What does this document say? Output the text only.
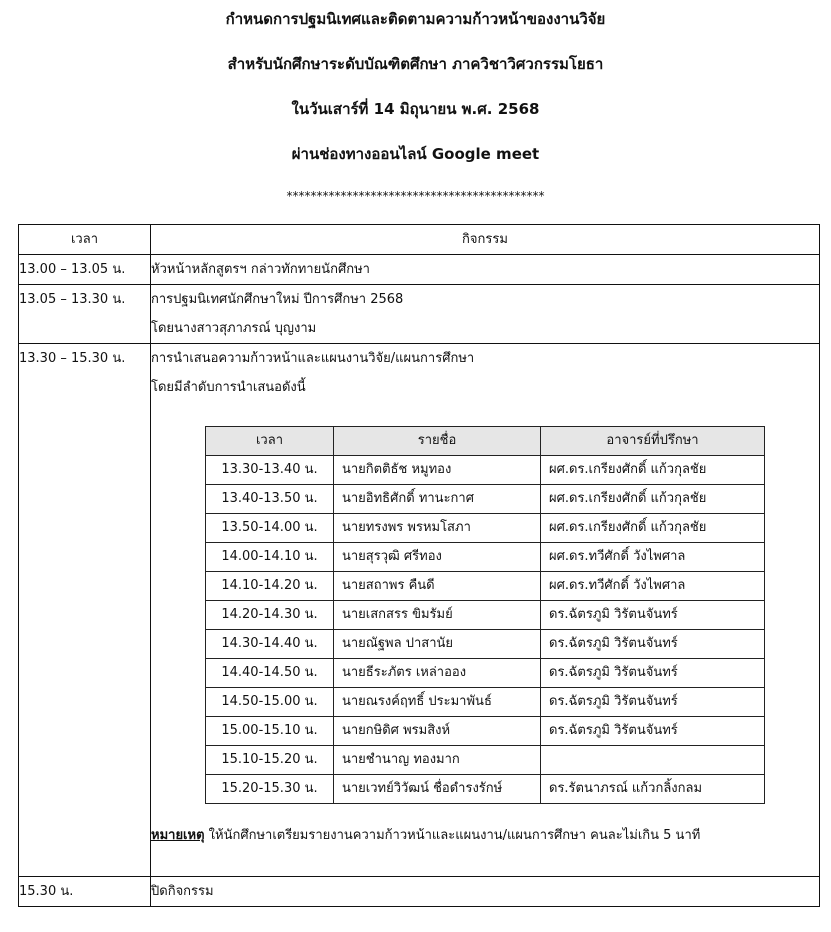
กำหนดการปฐมนิเทศและติดตามความก้าวหน้าของงานวิจัย
สำหรับนักศึกษาระดับบัณฑิตศึกษา ภาควิชาวิศวกรรมโยธา
ในวันเสาร์ที่ 14 มิถุนายน พ.ศ. 2568
ผ่านช่องทางออนไลน์ Google meet
*******************************************
เวลา	กิจกรรม
13.00 – 13.05 น.	หัวหน้าหลักสูตรฯ กล่าวทักทายนักศึกษา

13.05 – 13.30 น.	การปฐมนิเทศนักศึกษาใหม่ ปีการศึกษา 2568
โดยนางสาวสุภาภรณ์ บุญงาม

13.30 – 15.30 น.	การนำเสนอความก้าวหน้าและแผนงานวิจัย/แผนการศึกษา
โดยมีลำดับการนำเสนอดังนี้
เวลา	รายชื่อ	อาจารย์ที่ปรึกษา
13.30-13.40 น.	นายกิตติธัช หมูทอง	ผศ.ดร.เกรียงศักดิ์ แก้วกุลชัย
13.40-13.50 น.	นายอิทธิศักดิ์ ทานะกาศ	ผศ.ดร.เกรียงศักดิ์ แก้วกุลชัย
13.50-14.00 น.	นายทรงพร พรหมโสภา	ผศ.ดร.เกรียงศักดิ์ แก้วกุลชัย
14.00-14.10 น.	นายสุรวุฒิ ศรีทอง	ผศ.ดร.ทวีศักดิ์ วังไพศาล
14.10-14.20 น.	นายสถาพร คืนดี	ผศ.ดร.ทวีศักดิ์ วังไพศาล
14.20-14.30 น.	นายเสกสรร ขิมรัมย์	ดร.ฉัตรภูมิ วิรัตนจันทร์
14.30-14.40 น.	นายณัฐพล ปาสานัย	ดร.ฉัตรภูมิ วิรัตนจันทร์
14.40-14.50 น.	นายธีระภัตร เหล่าออง	ดร.ฉัตรภูมิ วิรัตนจันทร์
14.50-15.00 น.	นายณรงค์ฤทธิ์ ประมาพันธ์	ดร.ฉัตรภูมิ วิรัตนจันทร์
15.00-15.10 น.	นายกษิดิศ พรมสิงห์	ดร.ฉัตรภูมิ วิรัตนจันทร์
15.10-15.20 น.	นายชำนาญ ทองมาก	
15.20-15.30 น.	นายเวทย์วิวัฒน์ ชื่อดำรงรักษ์	ดร.รัตนาภรณ์ แก้วกลิ้งกลม
หมายเหตุ ให้นักศึกษาเตรียมรายงานความก้าวหน้าและแผนงาน/แผนการศึกษา คนละไม่เกิน 5 นาที

15.30 น.	ปิดกิจกรรม
